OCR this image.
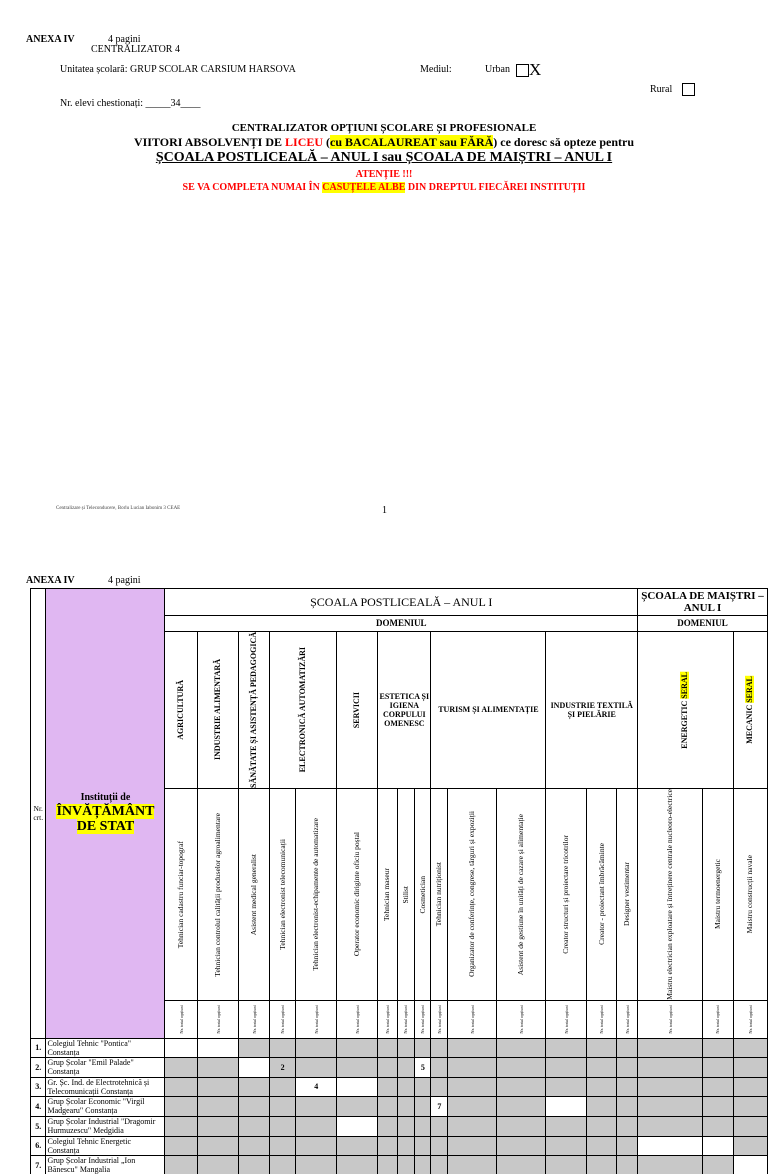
ANEXA IV	4 pagini
CENTRALIZATOR 4
Unitatea școlară: GRUP SCOLAR CARSIUM HARSOVA	Mediul:	Urban	X
Rural
Nr. elevi chestionați: _____34____
CENTRALIZATOR OPȚIUNI ȘCOLARE ȘI PROFESIONALE
VIITORI ABSOLVENȚI DE LICEU (cu BACALAUREAT sau FĂRĂ) ce doresc să opteze pentru
ȘCOALA POSTLICEALĂ – ANUL I sau ȘCOALA DE MAIȘTRI – ANUL I
ATENȚIE !!!
SE VA COMPLETA NUMAI ÎN CASUȚELE ALBE DIN DREPTUL FIECĂREI INSTITUȚII
Centralizare și Teleconducere, Borlu Lucian Iabonim 3 CEAE	1
ANEXA IV	4 pagini
Nr. crt.	Instituții de
ÎNVĂȚĂMÂNT DE STAT	ȘCOALA POSTLICEALĂ – ANUL I															ȘCOALA DE MAIȘTRI – ANUL I		
		DOMENIUL															DOMENIUL		

		AGRICULTURĂ	INDUSTRIE ALIMENTARĂ	SĂNĂTATE ȘI ASISTENȚĂ PEDAGOGICĂ	ELECTRONICĂ AUTOMATIZĂRI		SERVICII	ESTETICA ȘI IGIENA CORPULUI OMENESC			TURISM ȘI ALIMENTAȚIE			INDUSTRIE TEXTILĂ ȘI PIELĂRIE			ENERGETIC SERAL		MECANIC SERAL

		Tehnician cadastru funciar-topograf	Tehnician controlul calității produselor agroalimentare	Asistent medical generalist	Tehnician electronist telecomunicații	Tehnician electronist-echipamente de automatizare	Operator economic diriginte oficiu poștal	Tehnician maseur	Stilist	Cosmetician	Tehnician nutriționist	Organizator de conferințe, congrese, târguri și expoziții	Asistent de gestiune în unități de cazare și alimentație	Creator structuri și proiectare tricotrilor	Creator - proiectant îmbrăcăminte	Designer vestimentar	Maistru electrician exploatare și întreținere centrale nucleoro-electrice	Maistru termoenergetic	Maistru construcții navale

		Nr. total opțiuni	Nr. total opțiuni	Nr. total opțiuni	Nr. total opțiuni	Nr. total opțiuni	Nr. total opțiuni	Nr. total opțiuni	Nr. total opțiuni	Nr. total opțiuni	Nr. total opțiuni	Nr. total opțiuni	Nr. total opțiuni	Nr. total opțiuni	Nr. total opțiuni	Nr. total opțiuni	Nr. total opțiuni	Nr. total opțiuni	Nr. total opțiuni

1.	Colegiul Tehnic "Pontica" Constanța																		
2.	Grup Școlar "Emil Palade" Constanța				2					5									
3.	Gr. Șc. Ind. de Electrotehnică și Telecomunicații Constanța					4													
4.	Grup Școlar Economic "Virgil Madgearu" Constanța										7								
5.	Grup Școlar Industrial "Dragomir Hurmuzescu" Medgidia																		
6.	Colegiul Tehnic Energetic Constanța																		
7.	Grup Școlar Industrial „Ion Bănescu" Mangalia																		
